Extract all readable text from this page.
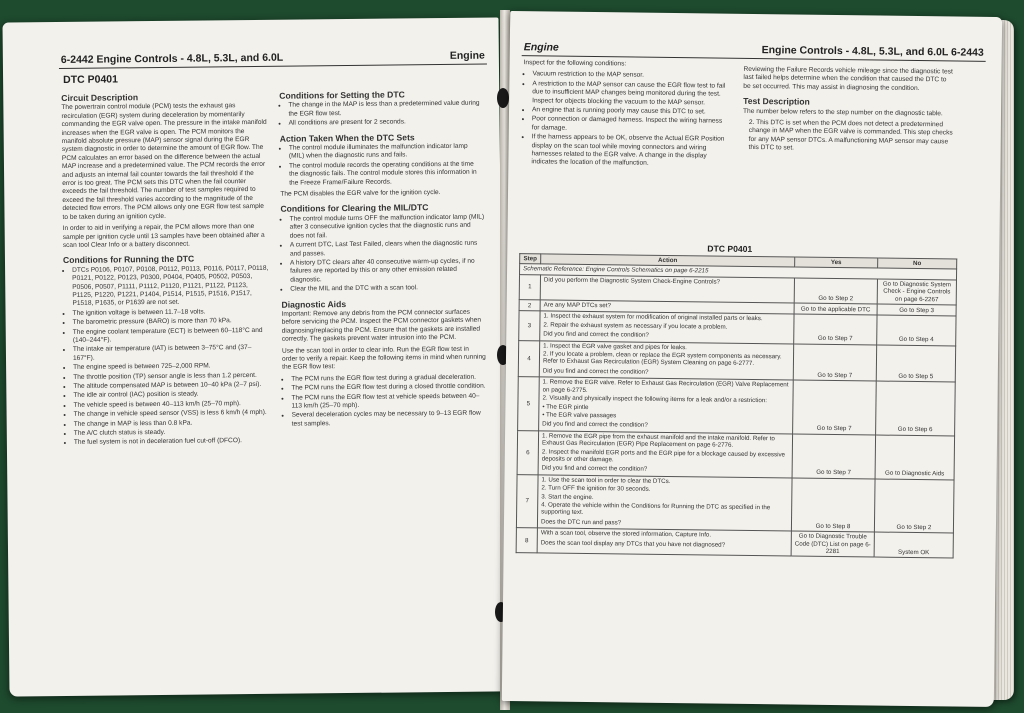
6-2442 Engine Controls - 4.8L, 5.3L, and 6.0L	Engine
DTC P0401
Circuit Description

The powertrain control module (PCM) tests the exhaust gas recirculation (EGR) system during deceleration by momentarily commanding the EGR valve open. The pressure in the intake manifold increases when the EGR valve is open. The PCM monitors the manifold absolute pressure (MAP) sensor signal during the EGR system diagnostic in order to determine the amount of EGR flow. The PCM calculates an error based on the difference between the actual MAP increase and a predetermined value. The PCM records the error and adjusts an internal fail counter towards the fail threshold if the error is too great. The PCM sets this DTC when the fail counter exceeds the fail threshold. The number of test samples required to exceed the fail threshold varies according to the magnitude of the detected flow errors. The PCM allows only one EGR flow test sample to be taken during an ignition cycle.

In order to aid in verifying a repair, the PCM allows more than one sample per ignition cycle until 13 samples have been obtained after a scan tool Clear Info or a battery disconnect.

Conditions for Running the DTC
• DTCs P0106, P0107, P0108, P0112, P0113, P0116, P0117, P0118, P0121, P0122, P0123, P0300, P0404, P0405, P0502, P0503, P0506, P0507, P1111, P1112, P1120, P1121, P1122, P1123, P1125, P1220, P1221, P1404, P1514, P1515, P1516, P1517, P1518, P1635, or P1639 are not set.
• The ignition voltage is between 11.7–18 volts.
• The barometric pressure (BARO) is more than 70 kPa.
• The engine coolant temperature (ECT) is between 60–118°C and (140–244°F).
• The intake air temperature (IAT) is between 3–75°C and (37–167°F).
• The engine speed is between 725–2,000 RPM.
• The throttle position (TP) sensor angle is less than 1.2 percent.
• The altitude compensated MAP is between 10–40 kPa (2–7 psi).
• The idle air control (IAC) position is steady.
• The vehicle speed is between 40–113 km/h (25–70 mph).
• The change in vehicle speed sensor (VSS) is less 6 km/h (4 mph).
• The change in MAP is less than 0.8 kPa.
• The A/C clutch status is steady.
• The fuel system is not in deceleration fuel cut-off (DFCO).
Conditions for Setting the DTC
• The change in the MAP is less than a predetermined value during the EGR flow test.
• All conditions are present for 2 seconds.
Action Taken When the DTC Sets
• The control module illuminates the malfunction indicator lamp (MIL) when the diagnostic runs and fails.
• The control module records the operating conditions at the time the diagnostic fails. The control module stores this information in the Freeze Frame/Failure Records.

The PCM disables the EGR valve for the ignition cycle.

Conditions for Clearing the MIL/DTC
• The control module turns OFF the malfunction indicator lamp (MIL) after 3 consecutive ignition cycles that the diagnostic runs and does not fail.
• A current DTC, Last Test Failed, clears when the diagnostic runs and passes.
• A history DTC clears after 40 consecutive warm-up cycles, if no failures are reported by this or any other emission related diagnostic.
• Clear the MIL and the DTC with a scan tool.
Diagnostic Aids

Important: Remove any debris from the PCM connector surfaces before servicing the PCM. Inspect the PCM connector gaskets when diagnosing/replacing the PCM. Ensure that the gaskets are installed correctly. The gaskets prevent water intrusion into the PCM.

Use the scan tool in order to clear info. Run the EGR flow test in order to verify a repair. Keep the following items in mind when running the EGR flow test:

• The PCM runs the EGR flow test during a gradual deceleration.
• The PCM runs the EGR flow test during a closed throttle condition.
• The PCM runs the EGR flow test at vehicle speeds between 40–113 km/h (25–70 mph).
• Several deceleration cycles may be necessary to 9–13 EGR flow test samples.
Engine	Engine Controls - 4.8L, 5.3L, and 6.0L 6-2443

Inspect for the following conditions:

• Vacuum restriction to the MAP sensor.
• A restriction to the MAP sensor can cause the EGR flow test to fail due to insufficient MAP changes being monitored during the test. Inspect for objects blocking the vacuum to the MAP sensor.
• An engine that is running poorly may cause this DTC to set.
• Poor connection or damaged harness. Inspect the wiring harness for damage.
• If the harness appears to be OK, observe the Actual EGR Position display on the scan tool while moving connectors and wiring harnesses related to the EGR valve. A change in the display indicates the location of the malfunction.

Reviewing the Failure Records vehicle mileage since the diagnostic test last failed helps determine when the condition that caused the DTC to be set occurred. This may assist in diagnosing the condition.

Test Description

The number below refers to the step number on the diagnostic table.

2. This DTC is set when the PCM does not detect a predetermined change in MAP when the EGR valve is commanded. This step checks for any MAP sensor DTCs. A malfunctioning MAP sensor may cause this DTC to set.

DTC P0401
Step	Action	Yes	No
Schematic Reference: Engine Controls Schematics on page 6-2215			
1	Did you perform the Diagnostic System Check-Engine Controls?	Go to Step 2	Go to Diagnostic System Check - Engine Controls on page 6-2267
2	Are any MAP DTCs set?	Go to the applicable DTC	Go to Step 3
3	1. Inspect the exhaust system for modification of original installed parts or leaks.
2. Repair the exhaust system as necessary if you locate a problem.
Did you find and correct the condition?	Go to Step 7	Go to Step 4
4	1. Inspect the EGR valve gasket and pipes for leaks.
2. If you locate a problem, clean or replace the EGR system components as necessary. Refer to Exhaust Gas Recirculation (EGR) System Cleaning on page 6-2777.
Did you find and correct the condition?	Go to Step 7	Go to Step 5
5	1. Remove the EGR valve. Refer to Exhaust Gas Recirculation (EGR) Valve Replacement on page 6-2775.
2. Visually and physically inspect the following items for a leak and/or a restriction:
• The EGR pintle
• The EGR valve passages
Did you find and correct the condition?	Go to Step 7	Go to Step 6
6	1. Remove the EGR pipe from the exhaust manifold and the intake manifold. Refer to Exhaust Gas Recirculation (EGR) Pipe Replacement on page 6-2776.
2. Inspect the manifold EGR ports and the EGR pipe for a blockage caused by excessive deposits or other damage.
Did you find and correct the condition?	Go to Step 7	Go to Diagnostic Aids
7	1. Use the scan tool in order to clear the DTCs.
2. Turn OFF the ignition for 30 seconds.
3. Start the engine.
4. Operate the vehicle within the Conditions for Running the DTC as specified in the supporting text.
Does the DTC run and pass?	Go to Step 8	Go to Step 2
8	With a scan tool, observe the stored information, Capture Info.
Does the scan tool display any DTCs that you have not diagnosed?	Go to Diagnostic Trouble Code (DTC) List on page 6-2281	System OK
